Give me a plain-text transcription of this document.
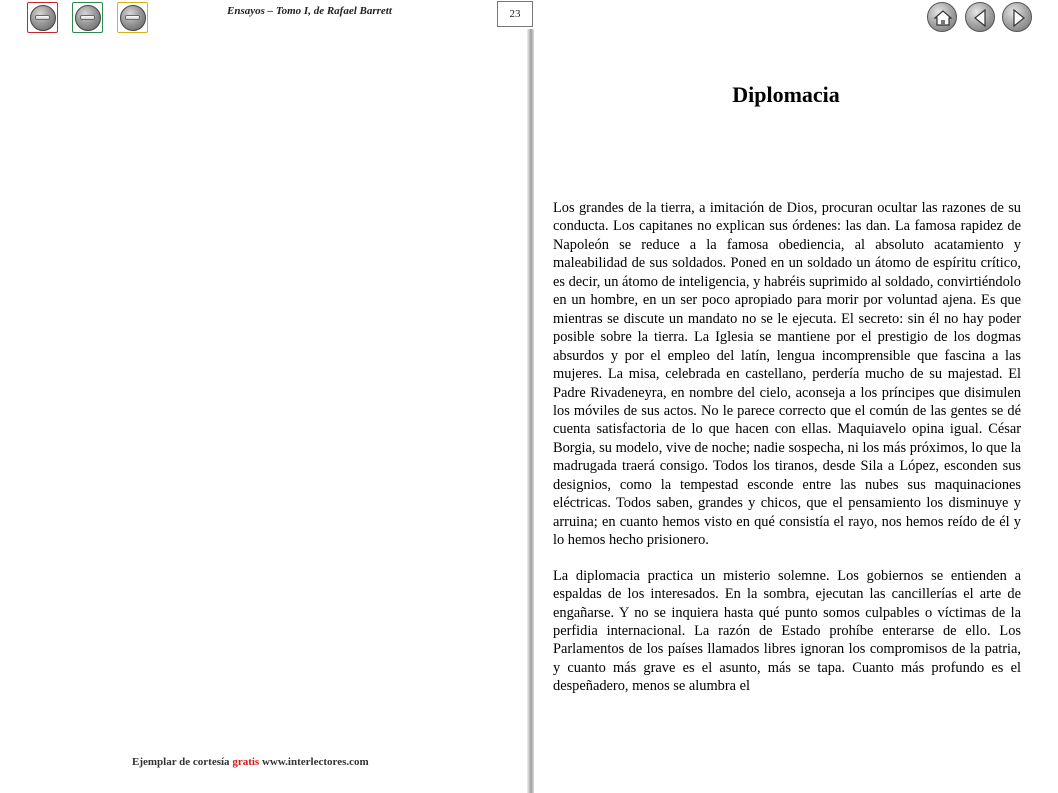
Ensayos – Tomo I, de Rafael Barrett	23
Diplomacia

Los grandes de la tierra, a imitación de Dios, procuran ocultar las razones de su conducta. Los capitanes no explican sus órdenes: las dan. La famosa rapidez de Napoleón se reduce a la famosa obediencia, al absoluto acatamiento y maleabilidad de sus soldados. Poned en un soldado un átomo de espíritu crítico, es decir, un átomo de inteligencia, y habréis suprimido al soldado, convirtiéndolo en un hombre, en un ser poco apropiado para morir por voluntad ajena. Es que mientras se discute un mandato no se le ejecuta. El secreto: sin él no hay poder posible sobre la tierra. La Iglesia se mantiene por el prestigio de los dogmas absurdos y por el empleo del latín, lengua incomprensible que fascina a las mujeres. La misa, celebrada en castellano, perdería mucho de su majestad. El Padre Rivadeneyra, en nombre del cielo, aconseja a los príncipes que disimulen los móviles de sus actos. No le parece correcto que el común de las gentes se dé cuenta satisfactoria de lo que hacen con ellas. Maquiavelo opina igual. César Borgia, su modelo, vive de noche; nadie sospecha, ni los más próximos, lo que la madrugada traerá consigo. Todos los tiranos, desde Sila a López, esconden sus designios, como la tempestad esconde entre las nubes sus maquinaciones eléctricas. Todos saben, grandes y chicos, que el pensamiento los disminuye y arruina; en cuanto hemos visto en qué consistía el rayo, nos hemos reído de él y lo hemos hecho prisionero.

La diplomacia practica un misterio solemne. Los gobiernos se entienden a espaldas de los interesados. En la sombra, ejecutan las cancillerías el arte de engañarse. Y no se inquiera hasta qué punto somos culpables o víctimas de la perfidia internacional. La razón de Estado prohíbe enterarse de ello. Los Parlamentos de los países llamados libres ignoran los compromisos de la patria, y cuanto más grave es el asunto, más se tapa. Cuanto más profundo es el despeñadero, menos se alumbra el

Ejemplar de cortesía gratis www.interlectores.com
